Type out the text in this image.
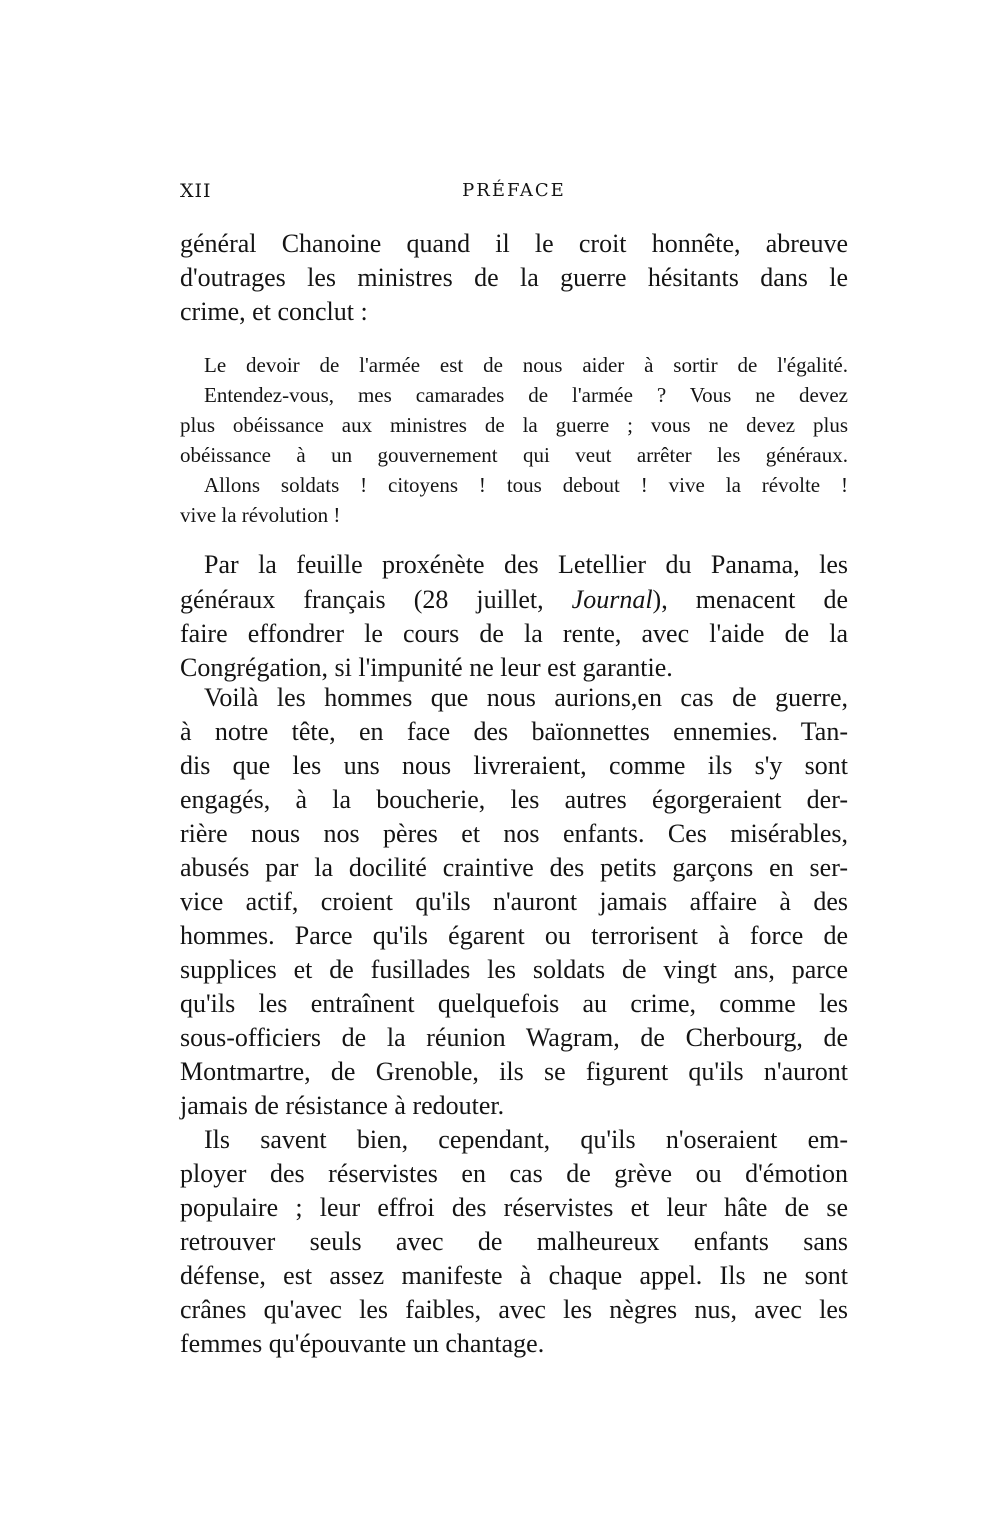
XII	PRÉFACE
général Chanoine quand il le croit honnête, abreuve
d'outrages les ministres de la guerre hésitants dans le
crime, et conclut :
Le devoir de l'armée est de nous aider à sortir de l'égalité.
Entendez-vous, mes camarades de l'armée ? Vous ne devez
plus obéissance aux ministres de la guerre ; vous ne devez plus
obéissance à un gouvernement qui veut arrêter les généraux.
Allons soldats ! citoyens ! tous debout ! vive la révolte !
vive la révolution !
Par la feuille proxénète des Letellier du Panama, les
généraux français (28 juillet, Journal), menacent de
faire effondrer le cours de la rente, avec l'aide de la
Congrégation, si l'impunité ne leur est garantie.
Voilà les hommes que nous aurions,en cas de guerre,
à notre tête, en face des baïonnettes ennemies. Tan-
dis que les uns nous livreraient, comme ils s'y sont
engagés, à la boucherie, les autres égorgeraient der-
rière nous nos pères et nos enfants. Ces misérables,
abusés par la docilité craintive des petits garçons en ser-
vice actif, croient qu'ils n'auront jamais affaire à des
hommes. Parce qu'ils égarent ou terrorisent à force de
supplices et de fusillades les soldats de vingt ans, parce
qu'ils les entraînent quelquefois au crime, comme les
sous-officiers de la réunion Wagram, de Cherbourg, de
Montmartre, de Grenoble, ils se figurent qu'ils n'auront
jamais de résistance à redouter.
Ils savent bien, cependant, qu'ils n'oseraient em-
ployer des réservistes en cas de grève ou d'émotion
populaire ; leur effroi des réservistes et leur hâte de se
retrouver seuls avec de malheureux enfants sans
défense, est assez manifeste à chaque appel. Ils ne sont
crânes qu'avec les faibles, avec les nègres nus, avec les
femmes qu'épouvante un chantage.
